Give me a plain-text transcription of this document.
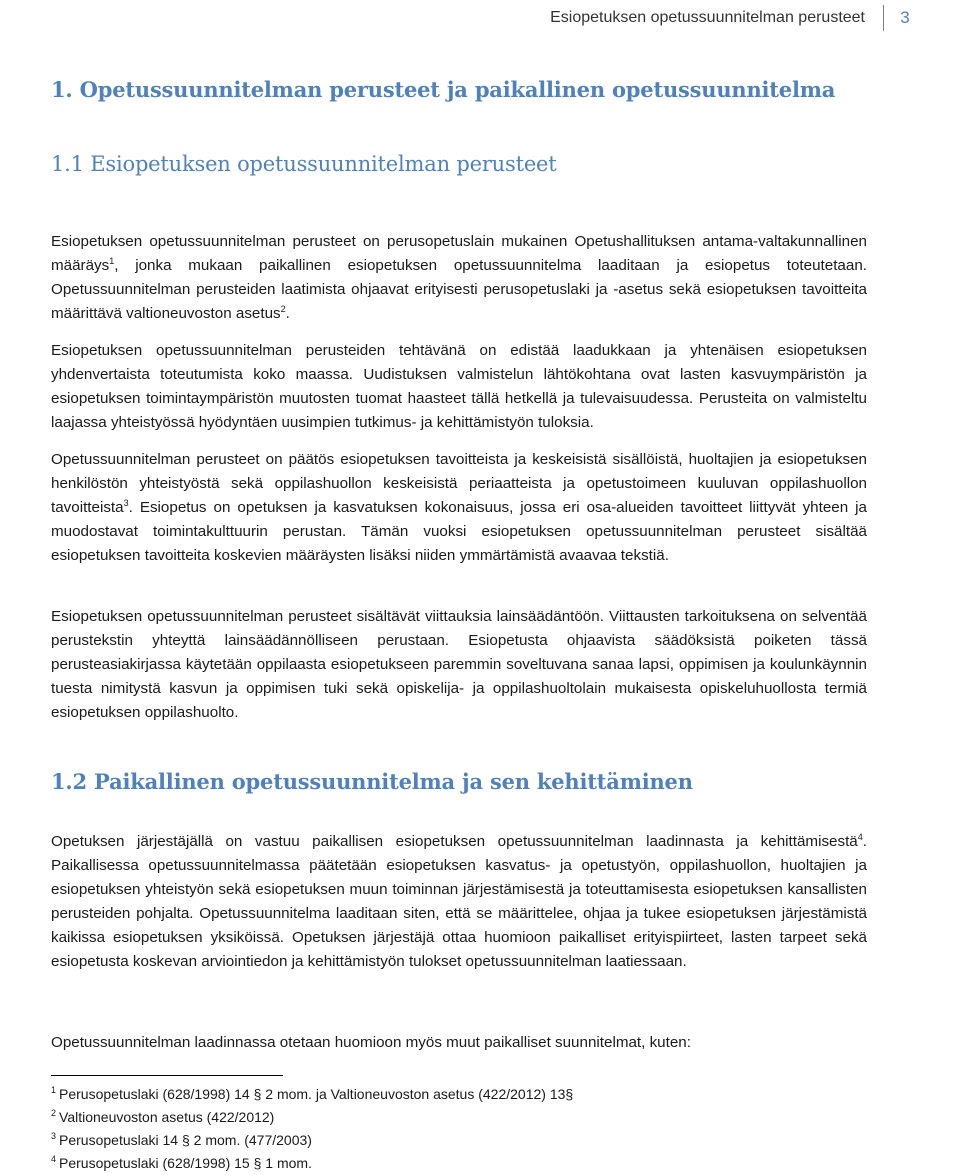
Esiopetuksen opetussuunnitelman perusteet 3
1. Opetussuunnitelman perusteet ja paikallinen opetussuunnitelma
1.1 Esiopetuksen opetussuunnitelman perusteet

Esiopetuksen opetussuunnitelman perusteet on perusopetuslain mukainen Opetushallituksen antama-valtakunnallinen määräys$^1$, jonka mukaan paikallinen esiopetuksen opetussuunnitelma laaditaan ja esiopetus toteutetaan. Opetussuunnitelman perusteiden laatimista ohjaavat erityisesti perusopetuslaki ja -asetus sekä esiopetuksen tavoitteita määrittävä valtioneuvoston asetus$^2$.

Esiopetuksen opetussuunnitelman perusteiden tehtävänä on edistää laadukkaan ja yhtenäisen esiopetuksen yhdenvertaista toteutumista koko maassa. Uudistuksen valmistelun lähtökohtana ovat lasten kasvuympäristön ja esiopetuksen toimintaympäristön muutosten tuomat haasteet tällä hetkellä ja tulevaisuudessa. Perusteita on valmisteltu laajassa yhteistyössä hyödyntäen uusimpien tutkimus- ja kehittämistyön tuloksia.

Opetussuunnitelman perusteet on päätös esiopetuksen tavoitteista ja keskeisistä sisällöistä, huoltajien ja esiopetuksen henkilöstön yhteistyöstä sekä oppilashuollon keskeisistä periaatteista ja opetustoimeen kuuluvan oppilashuollon tavoitteista$^3$. Esiopetus on opetuksen ja kasvatuksen kokonaisuus, jossa eri osa-alueiden tavoitteet liittyvät yhteen ja muodostavat toimintakulttuurin perustan. Tämän vuoksi esiopetuksen opetussuunnitelman perusteet sisältää esiopetuksen tavoitteita koskevien määräysten lisäksi niiden ymmärtämistä avaavaa tekstiä.

Esiopetuksen opetussuunnitelman perusteet sisältävät viittauksia lainsäädäntöön. Viittausten tarkoituksena on selventää perustekstin yhteyttä lainsäädännölliseen perustaan. Esiopetusta ohjaavista säädöksistä poiketen tässä perusteasiakirjassa käytetään oppilaasta esiopetukseen paremmin soveltuvana sanaa lapsi, oppimisen ja koulunkäynnin tuesta nimitystä kasvun ja oppimisen tuki sekä opiskelija- ja oppilashuoltolain mukaisesta opiskeluhuollosta termiä esiopetuksen oppilashuolto.

1.2 Paikallinen opetussuunnitelma ja sen kehittäminen

Opetuksen järjestäjällä on vastuu paikallisen esiopetuksen opetussuunnitelman laadinnasta ja kehittämisestä$^4$. Paikallisessa opetussuunnitelmassa päätetään esiopetuksen kasvatus- ja opetustyön, oppilashuollon, huoltajien ja esiopetuksen yhteistyön sekä esiopetuksen muun toiminnan järjestämisestä ja toteuttamisesta esiopetuksen kansallisten perusteiden pohjalta. Opetussuunnitelma laaditaan siten, että se määrittelee, ohjaa ja tukee esiopetuksen järjestämistä kaikissa esiopetuksen yksiköissä. Opetuksen järjestäjä ottaa huomioon paikalliset erityispiirteet, lasten tarpeet sekä esiopetusta koskevan arviointiedon ja kehittämistyön tulokset opetussuunnitelman laatiessaan.

Opetussuunnitelman laadinnassa otetaan huomioon myös muut paikalliset suunnitelmat, kuten:

$^1$ Perusopetuslaki (628/1998) 14 § 2 mom. ja Valtioneuvoston asetus (422/2012) 13§
$^2$ Valtioneuvoston asetus (422/2012)
$^3$ Perusopetuslaki 14 § 2 mom. (477/2003)
$^4$ Perusopetuslaki (628/1998) 15 § 1 mom.
